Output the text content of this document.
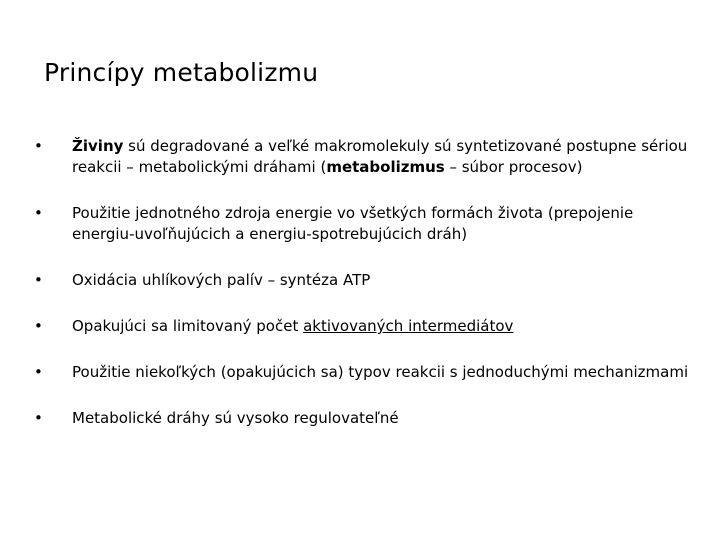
Princípy metabolizmu
• Živiny sú degradované a veľké makromolekuly sú syntetizované postupne sériou reakcii – metabolickými dráhami (metabolizmus – súbor procesov)
• Použitie jednotného zdroja energie vo všetkých formách života (prepojenie energiu-uvoľňujúcich a energiu-spotrebujúcich dráh)
• Oxidácia uhlíkových palív – syntéza ATP
• Opakujúci sa limitovaný počet aktivovaných intermediátov
• Použitie niekoľkých (opakujúcich sa) typov reakcii s jednoduchými mechanizmami
• Metabolické dráhy sú vysoko regulovateľné
